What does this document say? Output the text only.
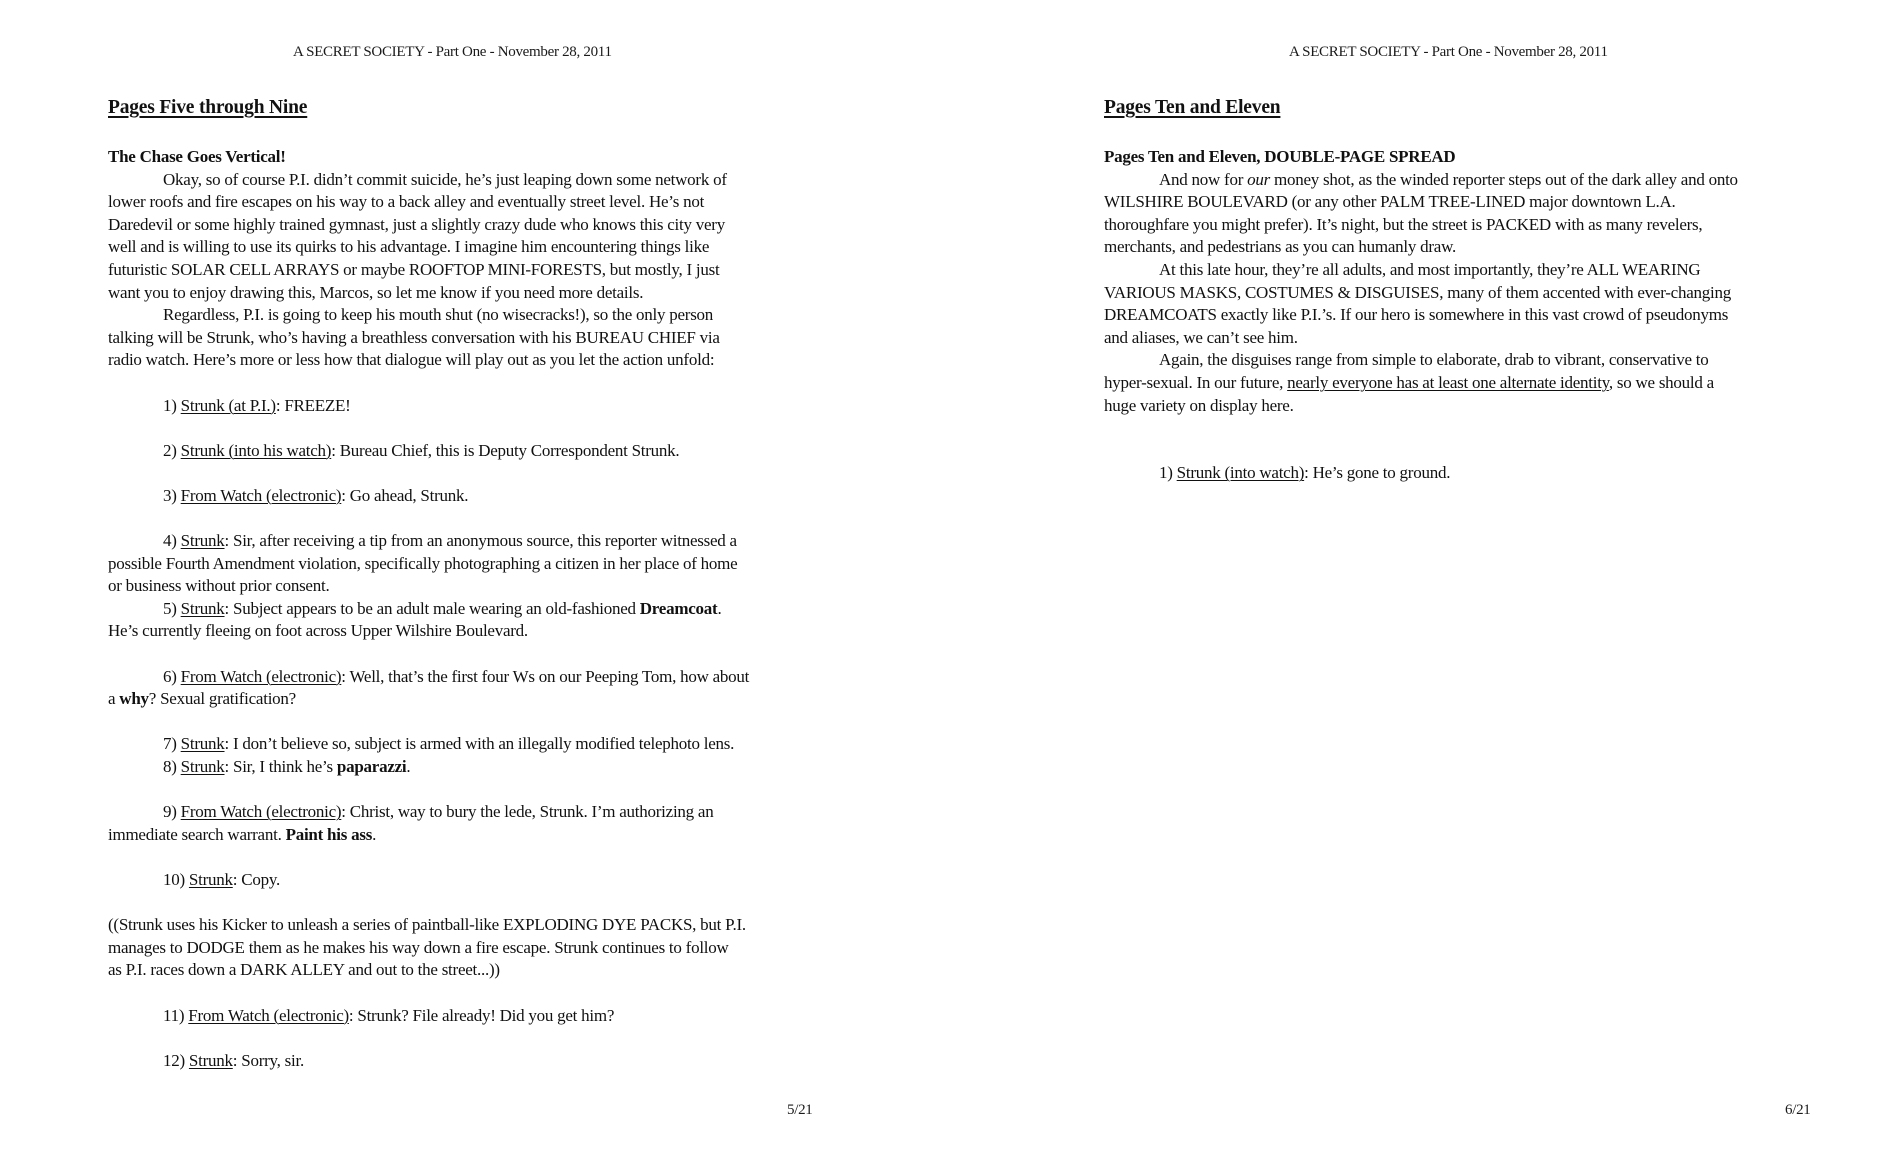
A SECRET SOCIETY - Part One - November 28, 2011
Pages Five through Nine
The Chase Goes Vertical!
Okay, so of course P.I. didn’t commit suicide, he’s just leaping down some network of
lower roofs and fire escapes on his way to a back alley and eventually street level. He’s not
Daredevil or some highly trained gymnast, just a slightly crazy dude who knows this city very
well and is willing to use its quirks to his advantage. I imagine him encountering things like
futuristic SOLAR CELL ARRAYS or maybe ROOFTOP MINI-FORESTS, but mostly, I just
want you to enjoy drawing this, Marcos, so let me know if you need more details.
Regardless, P.I. is going to keep his mouth shut (no wisecracks!), so the only person
talking will be Strunk, who’s having a breathless conversation with his BUREAU CHIEF via
radio watch. Here’s more or less how that dialogue will play out as you let the action unfold:
1) Strunk (at P.I.): FREEZE!
2) Strunk (into his watch): Bureau Chief, this is Deputy Correspondent Strunk.
3) From Watch (electronic): Go ahead, Strunk.
4) Strunk: Sir, after receiving a tip from an anonymous source, this reporter witnessed a
possible Fourth Amendment violation, specifically photographing a citizen in her place of home
or business without prior consent.
5) Strunk: Subject appears to be an adult male wearing an old-fashioned Dreamcoat.
He’s currently fleeing on foot across Upper Wilshire Boulevard.
6) From Watch (electronic): Well, that’s the first four Ws on our Peeping Tom, how about
a why? Sexual gratification?
7) Strunk: I don’t believe so, subject is armed with an illegally modified telephoto lens.
8) Strunk: Sir, I think he’s paparazzi.
9) From Watch (electronic): Christ, way to bury the lede, Strunk. I’m authorizing an
immediate search warrant. Paint his ass.
10) Strunk: Copy.
((Strunk uses his Kicker to unleash a series of paintball-like EXPLODING DYE PACKS, but P.I.
manages to DODGE them as he makes his way down a fire escape. Strunk continues to follow
as P.I. races down a DARK ALLEY and out to the street...))
11) From Watch (electronic): Strunk? File already! Did you get him?
12) Strunk: Sorry, sir.
5/21
A SECRET SOCIETY - Part One - November 28, 2011
Pages Ten and Eleven
Pages Ten and Eleven, DOUBLE-PAGE SPREAD
And now for our money shot, as the winded reporter steps out of the dark alley and onto
WILSHIRE BOULEVARD (or any other PALM TREE-LINED major downtown L.A.
thoroughfare you might prefer). It’s night, but the street is PACKED with as many revelers,
merchants, and pedestrians as you can humanly draw.
At this late hour, they’re all adults, and most importantly, they’re ALL WEARING
VARIOUS MASKS, COSTUMES & DISGUISES, many of them accented with ever-changing
DREAMCOATS exactly like P.I.’s. If our hero is somewhere in this vast crowd of pseudonyms
and aliases, we can’t see him.
Again, the disguises range from simple to elaborate, drab to vibrant, conservative to
hyper-sexual. In our future, nearly everyone has at least one alternate identity, so we should a
huge variety on display here.
1) Strunk (into watch): He’s gone to ground.
6/21
